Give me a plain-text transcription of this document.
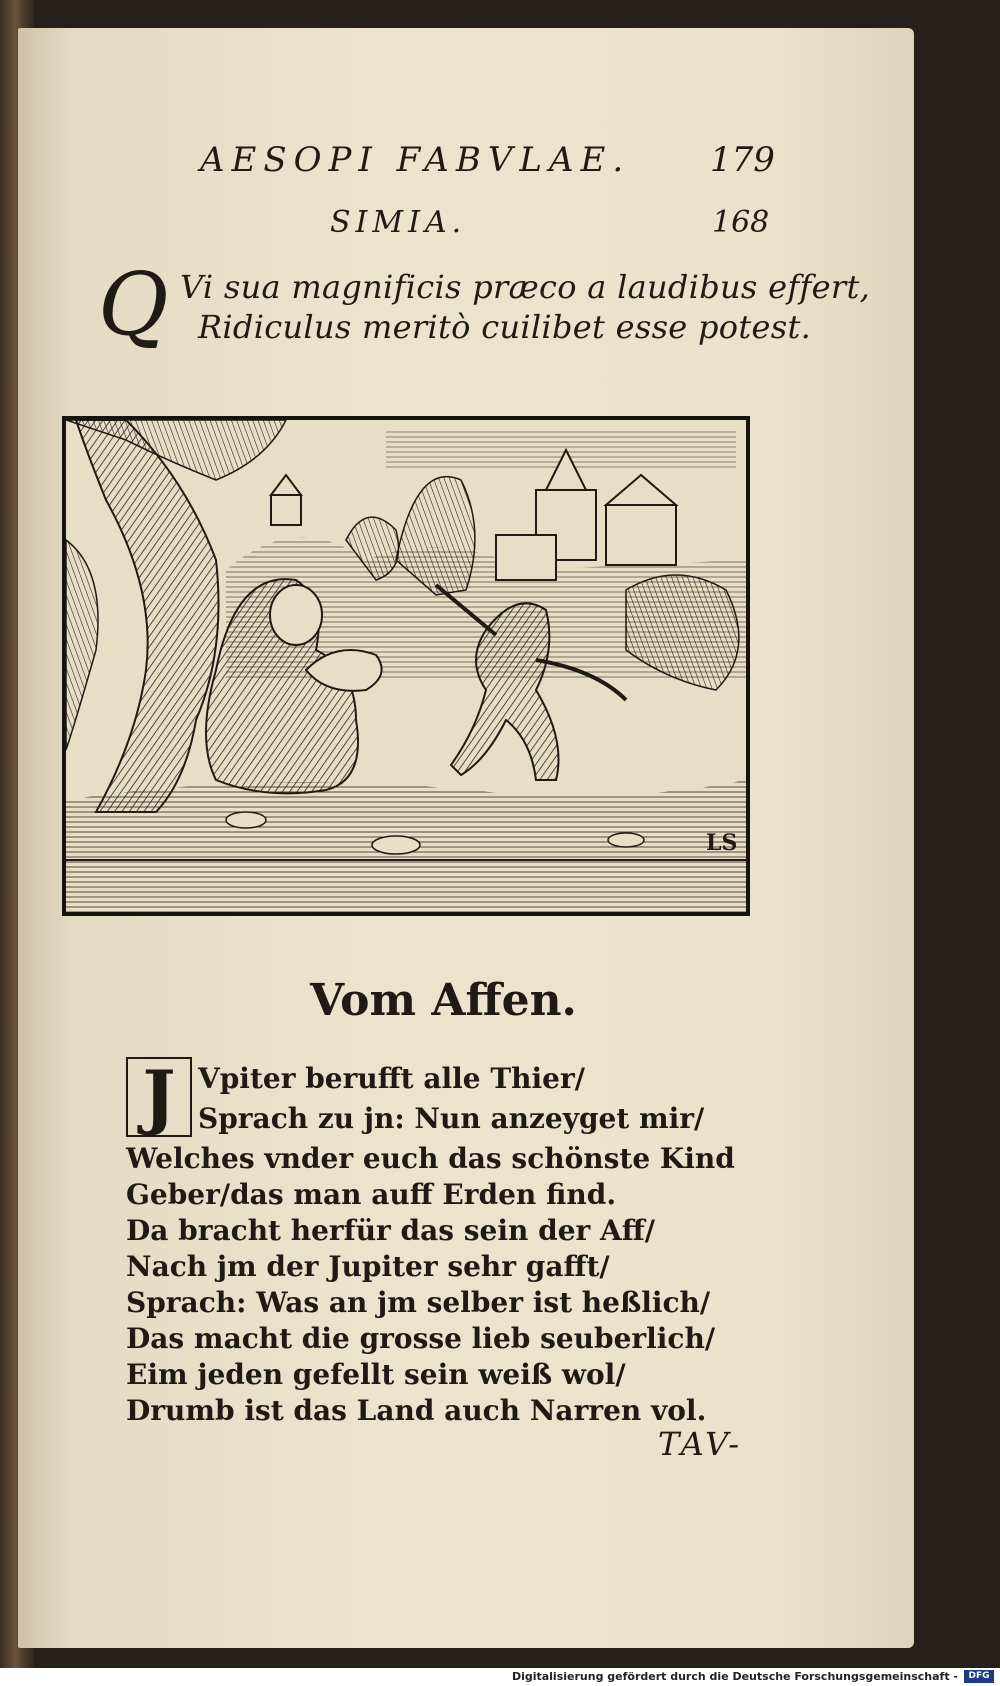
AESOPI FABVLAE. 179
SIMIA.	168
Q Vi sua magnificis præco a laudibus effert,
Ridiculus meritò cuilibet esse potest.
LS
Vom Affen.
J Vpiter berufft alle Thier/
Sprach zu jn: Nun anzeyget mir/
Welches vnder euch das schönste Kind
Geber/das man auff Erden find.
Da bracht herfür das sein der Aff/
Nach jm der Jupiter sehr gafft/
Sprach: Was an jm selber ist heßlich/
Das macht die grosse lieb seuberlich/
Eim jeden gefellt sein weiß wol/
Drumb ist das Land auch Narren vol.
TAV-
Digitalisierung gefördert durch die Deutsche Forschungsgemeinschaft -	DFG
